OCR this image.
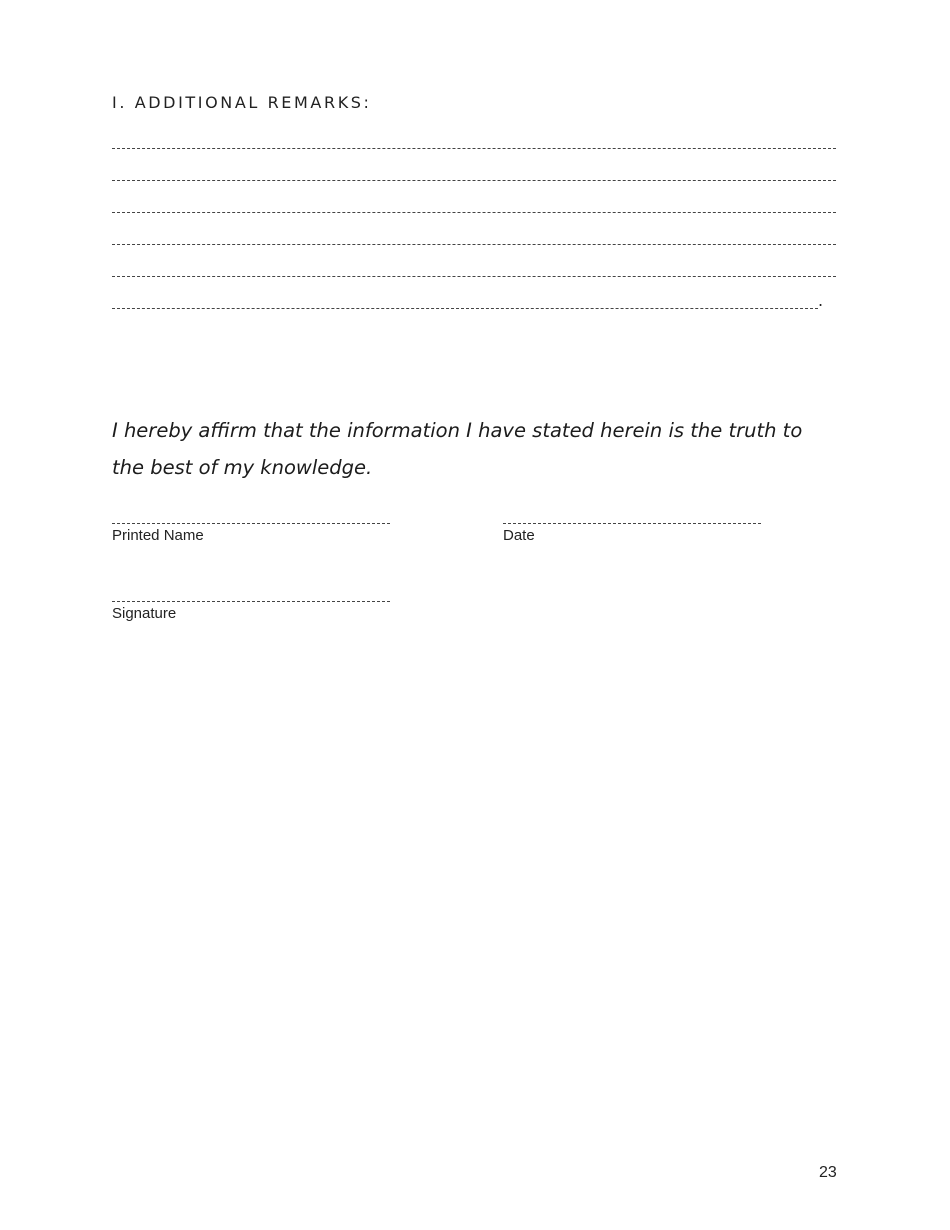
I. ADDITIONAL REMARKS:
.

I hereby affirm that the information I have stated herein is the truth to the best of my knowledge.

Printed Name	Date
Signature
23
